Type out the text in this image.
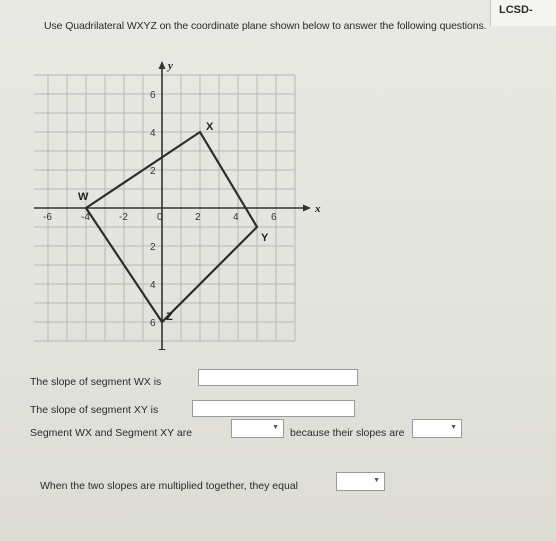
LCSD-
Use Quadrilateral WXYZ on the coordinate plane shown below to answer the following questions.
x
y
-6	-4	-2	0	2	4	6
6
4
2
2
4
6
W
X
Y
Z
The slope of segment WX is
The slope of segment XY is
Segment WX and Segment XY are	▼ because their slopes are	▼
When the two slopes are multiplied together, they equal	▼
